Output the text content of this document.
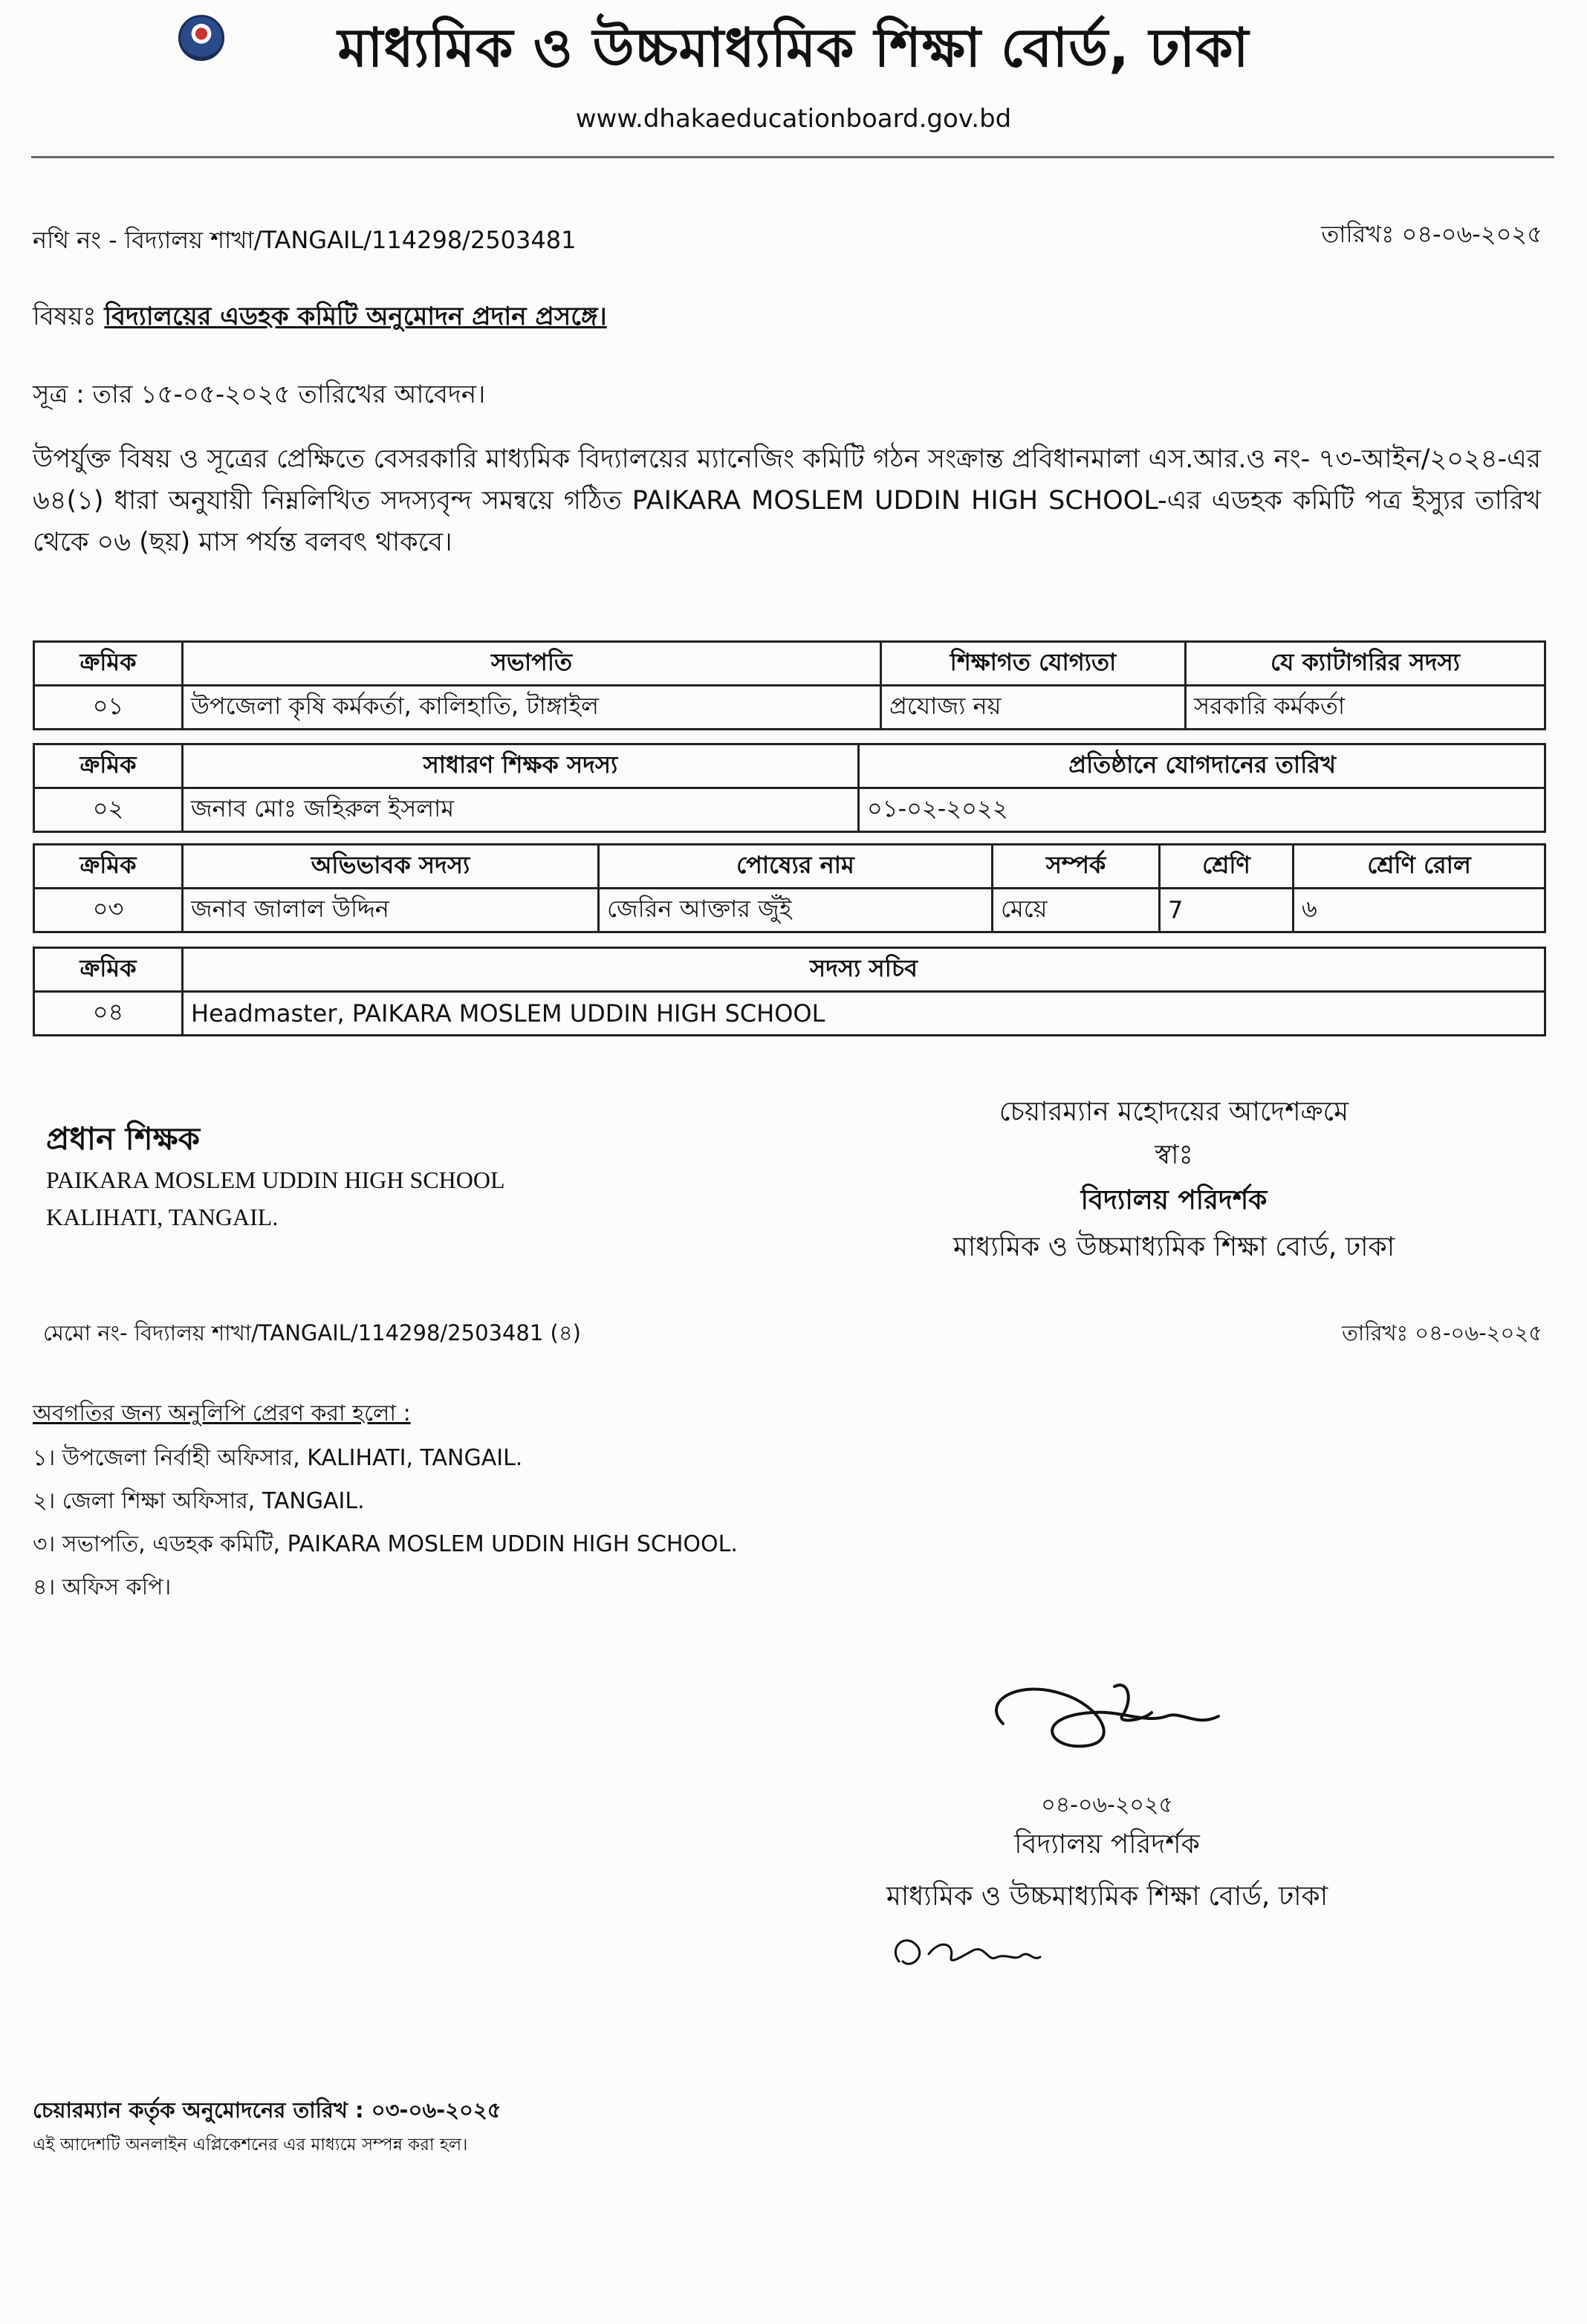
মাধ্যমিক ও উচ্চমাধ্যমিক শিক্ষা বোর্ড, ঢাকা
www.dhakaeducationboard.gov.bd
নথি নং - বিদ্যালয় শাখা/TANGAIL/114298/2503481	তারিখঃ ০৪-০৬-২০২৫
বিষয়ঃ বিদ্যালয়ের এডহক কমিটি অনুমোদন প্রদান প্রসঙ্গে।
সূত্র : তার ১৫-০৫-২০২৫ তারিখের আবেদন।
উপর্যুক্ত বিষয় ও সূত্রের প্রেক্ষিতে বেসরকারি মাধ্যমিক বিদ্যালয়ের ম্যানেজিং কমিটি গঠন সংক্রান্ত প্রবিধানমালা এস.আর.ও নং- ৭৩-আইন/২০২৪-এর ৬৪(১) ধারা অনুযায়ী নিম্নলিখিত সদস্যবৃন্দ সমন্বয়ে গঠিত PAIKARA MOSLEM UDDIN HIGH SCHOOL-এর এডহক কমিটি পত্র ইস্যুর তারিখ থেকে ০৬ (ছয়) মাস পর্যন্ত বলবৎ থাকবে।
ক্রমিক	সভাপতি	শিক্ষাগত যোগ্যতা	যে ক্যাটাগরির সদস্য
০১	উপজেলা কৃষি কর্মকর্তা, কালিহাতি, টাঙ্গাইল	প্রযোজ্য নয়	সরকারি কর্মকর্তা
ক্রমিক	সাধারণ শিক্ষক সদস্য	প্রতিষ্ঠানে যোগদানের তারিখ
০২	জনাব মোঃ জহিরুল ইসলাম	০১-০২-২০২২
ক্রমিক	অভিভাবক সদস্য	পোষ্যের নাম	সম্পর্ক	শ্রেণি	শ্রেণি রোল
০৩	জনাব জালাল উদ্দিন	জেরিন আক্তার জুঁই	মেয়ে	7	৬
ক্রমিক	সদস্য সচিব
০৪	Headmaster, PAIKARA MOSLEM UDDIN HIGH SCHOOL
প্রধান শিক্ষক
PAIKARA MOSLEM UDDIN HIGH SCHOOL
KALIHATI, TANGAIL.
চেয়ারম্যান মহোদয়ের আদেশক্রমে
স্বাঃ
বিদ্যালয় পরিদর্শক
মাধ্যমিক ও উচ্চমাধ্যমিক শিক্ষা বোর্ড, ঢাকা
মেমো নং- বিদ্যালয় শাখা/TANGAIL/114298/2503481 (৪)	তারিখঃ ০৪-০৬-২০২৫
অবগতির জন্য অনুলিপি প্রেরণ করা হলো :
১। উপজেলা নির্বাহী অফিসার, KALIHATI, TANGAIL.
২। জেলা শিক্ষা অফিসার, TANGAIL.
৩। সভাপতি, এডহক কমিটি, PAIKARA MOSLEM UDDIN HIGH SCHOOL.
৪। অফিস কপি।
০৪-০৬-২০২৫
বিদ্যালয় পরিদর্শক
মাধ্যমিক ও উচ্চমাধ্যমিক শিক্ষা বোর্ড, ঢাকা
চেয়ারম্যান কর্তৃক অনুমোদনের তারিখ : ০৩-০৬-২০২৫
এই আদেশটি অনলাইন এপ্লিকেশনের এর মাধ্যমে সম্পন্ন করা হল।
